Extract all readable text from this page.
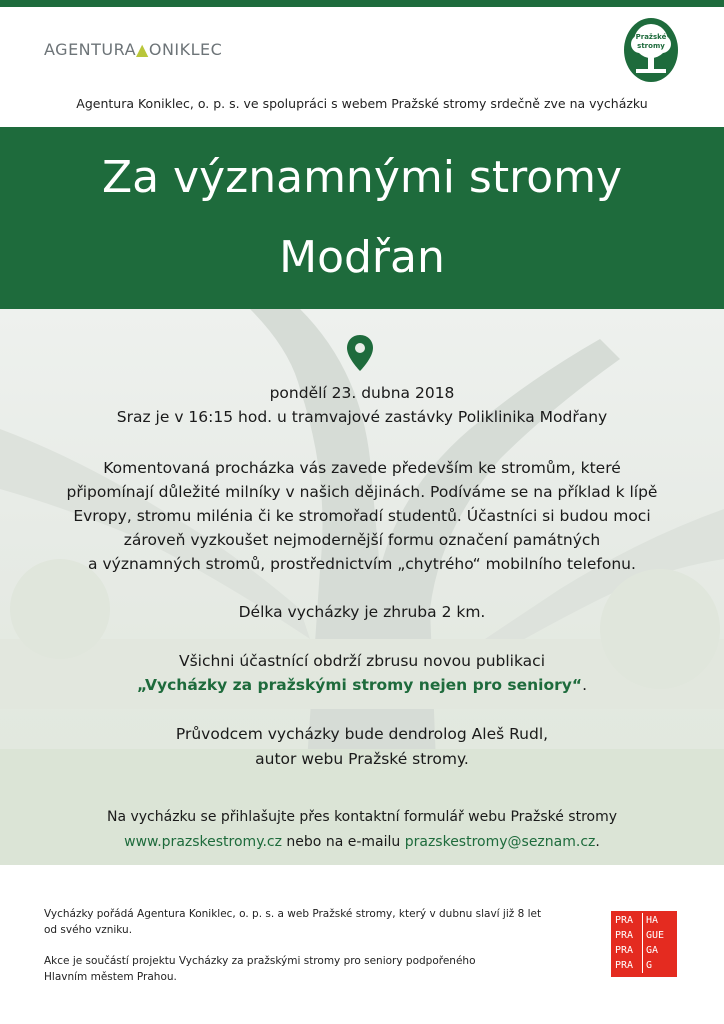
AGENTURA▲ONIKLEC
Pražské
stromy
Agentura Koniklec, o. p. s. ve spolupráci s webem Pražské stromy srdečně zve na vycházku
Za významnými stromy
Modřan
pondělí 23. dubna 2018
Sraz je v 16:15 hod. u tramvajové zastávky Poliklinika Modřany
Komentovaná procházka vás zavede především ke stromům, které
připomínají důležité milníky v našich dějinách. Podíváme se na příklad k lípě
Evropy, stromu milénia či ke stromořadí studentů. Účastníci si budou moci
zároveň vyzkoušet nejmodernější formu označení památných
a významných stromů, prostřednictvím „chytrého“ mobilního telefonu.
Délka vycházky je zhruba 2 km.
Všichni účastnící obdrží zbrusu novou publikaci
„Vycházky za pražskými stromy nejen pro seniory“.
Průvodcem vycházky bude dendrolog Aleš Rudl,
autor webu Pražské stromy.
Na vycházku se přihlašujte přes kontaktní formulář webu Pražské stromy
www.prazskestromy.cz nebo na e-mailu prazskestromy@seznam.cz.
Vycházky pořádá Agentura Koniklec, o. p. s. a web Pražské stromy, který v dubnu slaví již 8 let
od svého vzniku.
Akce je součástí projektu Vycházky za pražskými stromy pro seniory podpořeného
Hlavním městem Prahou.
PRA	HA
PRA	GUE
PRA	GA
PRA	G
